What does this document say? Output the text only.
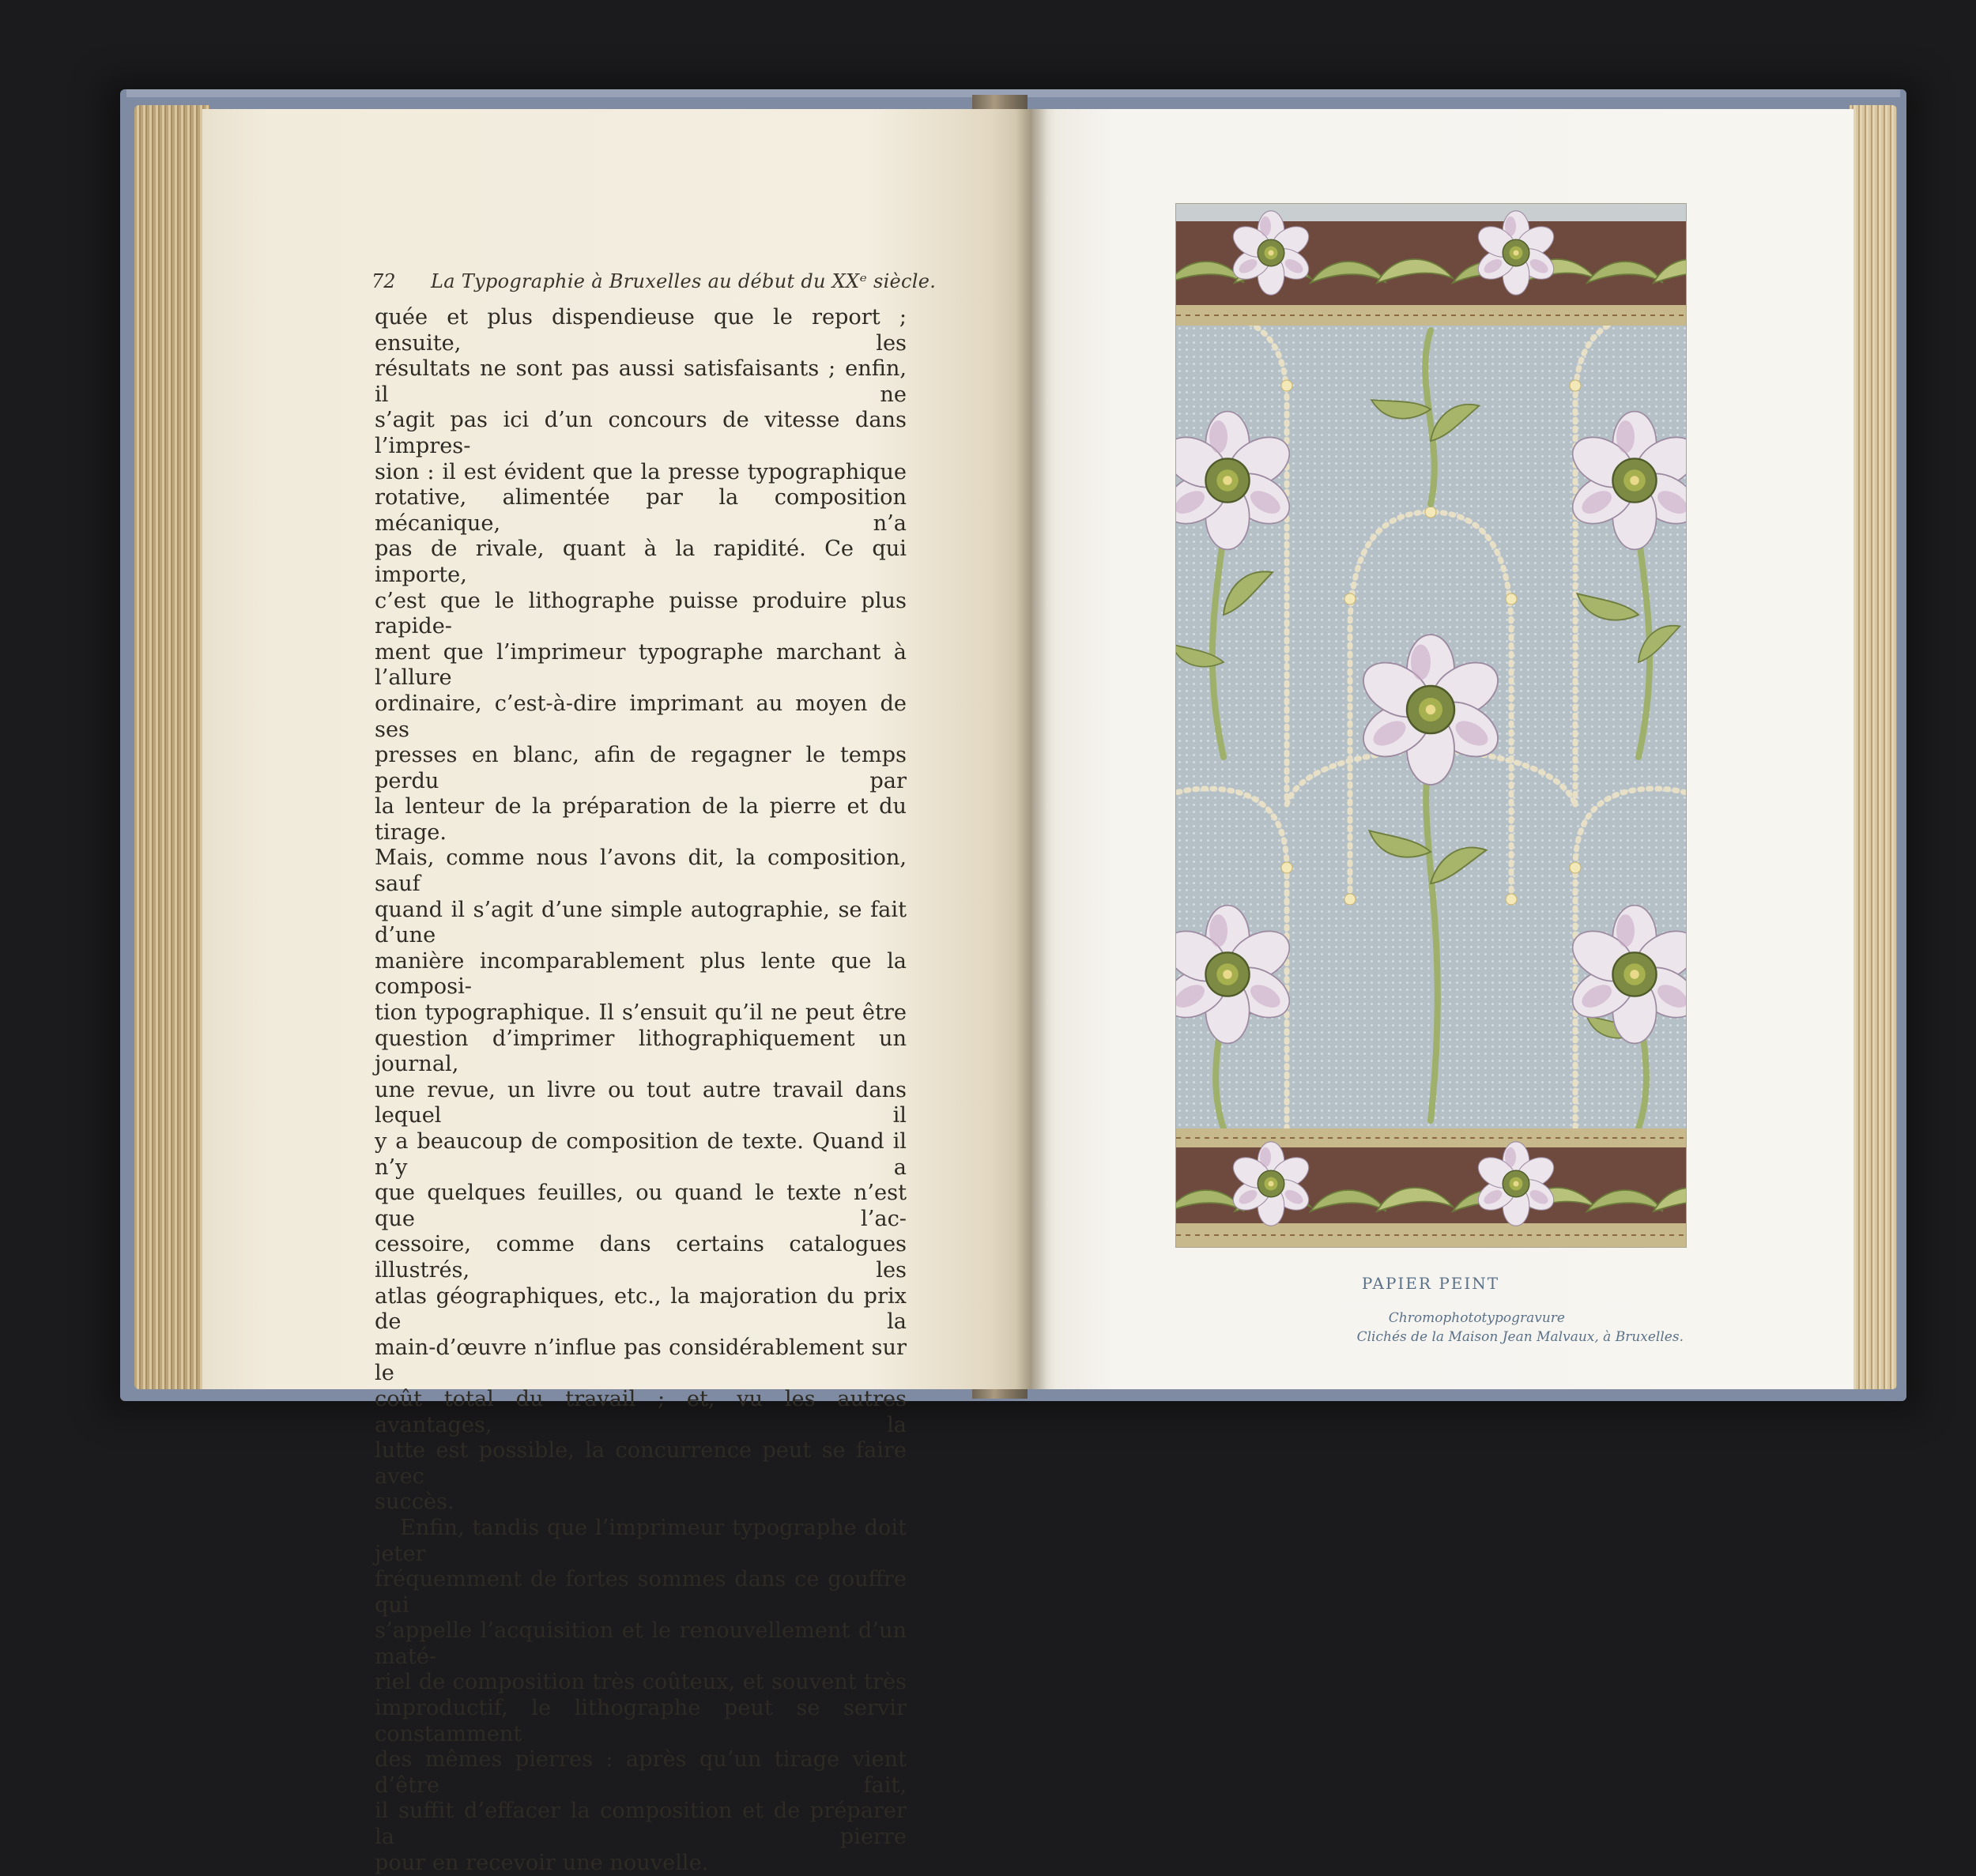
72 La Typographie à Bruxelles au début du XXᵉ siècle.

quée et plus dispendieuse que le report ; ensuite, les

résultats ne sont pas aussi satisfaisants ; enfin, il ne

s’agit pas ici d’un concours de vitesse dans l’impres-

sion : il est évident que la presse typographique

rotative, alimentée par la composition mécanique, n’a

pas de rivale, quant à la rapidité. Ce qui importe,

c’est que le lithographe puisse produire plus rapide-

ment que l’imprimeur typographe marchant à l’allure

ordinaire, c’est-à-dire imprimant au moyen de ses

presses en blanc, afin de regagner le temps perdu par

la lenteur de la préparation de la pierre et du tirage.

Mais, comme nous l’avons dit, la composition, sauf

quand il s’agit d’une simple autographie, se fait d’une

manière incomparablement plus lente que la composi-

tion typographique. Il s’ensuit qu’il ne peut être

question d’imprimer lithographiquement un journal,

une revue, un livre ou tout autre travail dans lequel il

y a beaucoup de composition de texte. Quand il n’y a

que quelques feuilles, ou quand le texte n’est que l’ac-

cessoire, comme dans certains catalogues illustrés, les

atlas géographiques, etc., la majoration du prix de la

main-d’œuvre n’influe pas considérablement sur le

coût total du travail ; et, vu les autres avantages, la

lutte est possible, la concurrence peut se faire avec

succès.

Enfin, tandis que l’imprimeur typographe doit jeter

fréquemment de fortes sommes dans ce gouffre qui

s’appelle l’acquisition et le renouvellement d’un maté-

riel de composition très coûteux, et souvent très

improductif, le lithographe peut se servir constamment

des mêmes pierres : après qu’un tirage vient d’être fait,

il suffit d’effacer la composition et de préparer la pierre

pour en recevoir une nouvelle.

PAPIER PEINT
Chromophototypogravure
Clichés de la Maison Jean Malvaux, à Bruxelles.
